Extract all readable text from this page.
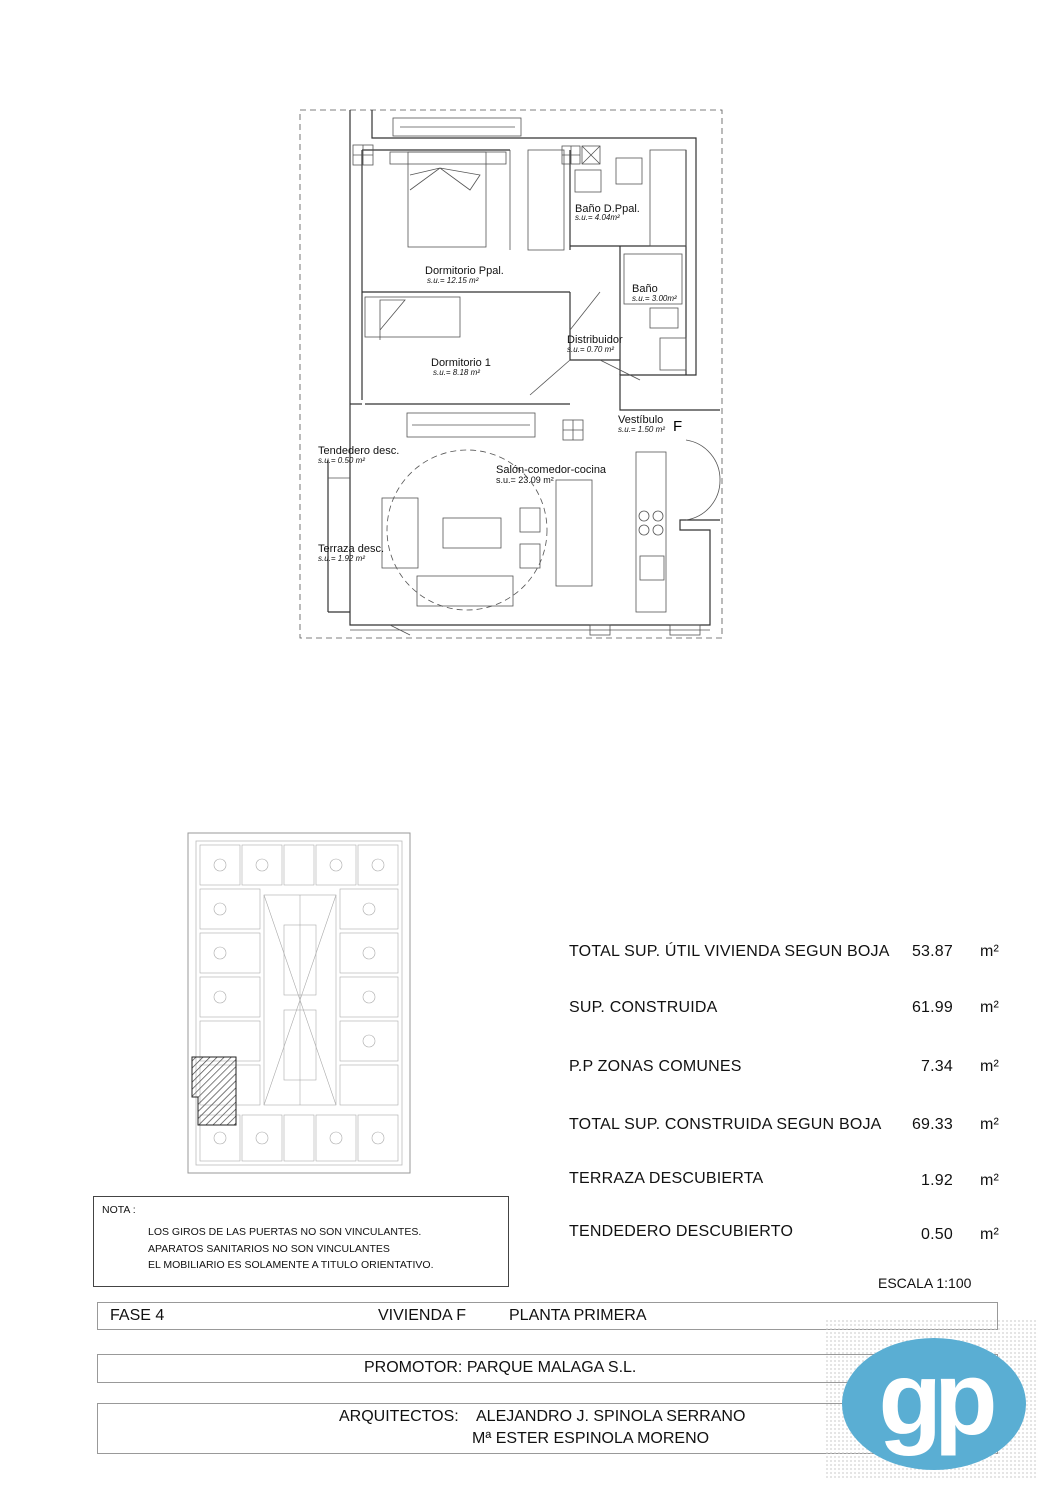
Dormitorio Ppal.
s.u.= 12.15 m²
Baño D.Ppal.
s.u.= 4.04m²
Baño
s.u.= 3.00m²
Distribuidor
s.u.= 0.70 m²
Dormitorio 1
s.u.= 8.18 m²
Vestíbulo
s.u.= 1.50 m² F
Tendedero desc.
s.u.= 0.50 m²
Salón-comedor-cocina
s.u.= 23.09 m²
Terraza desc.
s.u.= 1.92 m²
TOTAL SUP. ÚTIL VIVIENDA SEGUN BOJA 53.87 m²
SUP. CONSTRUIDA	61.99 m²
P.P ZONAS COMUNES	7.34 m²
TOTAL SUP. CONSTRUIDA SEGUN BOJA 69.33 m²
TERRAZA DESCUBIERTA	1.92 m²
TENDEDERO DESCUBIERTO	0.50 m²
NOTA :
LOS GIROS DE LAS PUERTAS NO SON VINCULANTES.
APARATOS SANITARIOS NO SON VINCULANTES
EL MOBILIARIO ES SOLAMENTE A TITULO ORIENTATIVO.
ESCALA 1:100
FASE 4	VIVIENDA F	PLANTA PRIMERA
PROMOTOR: PARQUE MALAGA S.L.
ARQUITECTOS: ALEJANDRO J. SPINOLA SERRANO
Mª ESTER ESPINOLA MORENO gp
